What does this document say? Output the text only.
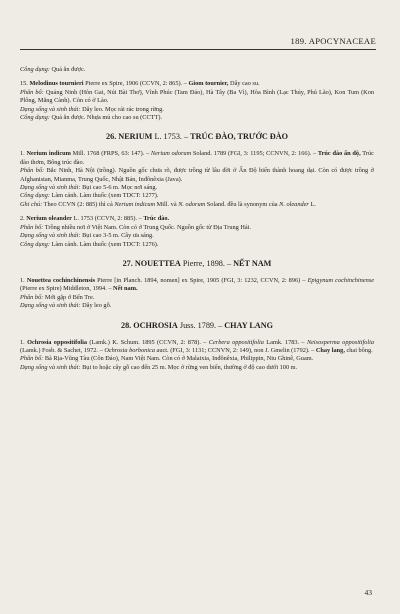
189. APOCYNACEAE

Công dụng: Quả ăn được.

15. Melodinus tournieri Pierre ex Spire, 1906 (CCVN, 2: 865). – Giom tournier, Dây cao su.

Phân bố: Quảng Ninh (Hòn Gai, Núi Bài Thơ), Vĩnh Phúc (Tam Đảo), Hà Tây (Ba Vì), Hòa Bình (Lạc Thủy, Phú Lão), Kon Tum (Kon Plông, Măng Cành). Còn có ở Lào.

Dạng sống và sinh thái: Dây leo. Mọc rải rác trong rừng.

Công dụng: Quả ăn được. Nhựa mủ cho cao su (CCTT).

26. NERIUM L. 1753. – TRÚC ĐÀO, TRƯỚC ĐÀO

1. Nerium indicum Mill. 1768 (FRPS, 63: 147). – Nerium odorum Soland. 1789 (FGI, 3: 1195; CCNVN, 2: 166). – Trúc đào ấn độ, Trúc đào thơm, Bông trúc đào.

Phân bố: Bắc Ninh, Hà Nội (trồng). Nguồn gốc chưa rõ, được trồng từ lâu đời ở Ấn Độ biển thành hoang dại. Còn có được trồng ở Afghanistan, Mianma, Trung Quốc, Nhật Bản, Inđônêxia (Java).

Dạng sống và sinh thái: Bụi cao 5-6 m. Mọc nơi sáng.

Công dụng: Làm cảnh. Làm thuốc (xem TDCT: 1277).

Ghi chú: Theo CCVN (2: 885) thì cả Nerium indicum Mill. và N. odorum Soland. đều là synonym của N. oleander L.

2. Nerium oleander L. 1753 (CCVN, 2: 885). – Trúc đào.

Phân bố: Trồng nhiều nơi ở Việt Nam. Còn có ở Trung Quốc. Nguồn gốc từ Địa Trung Hải.

Dạng sống và sinh thái: Bụi cao 3-5 m. Cây ưa sáng.

Công dụng: Làm cảnh. Làm thuốc (xem TDCT: 1276).

27. NOUETTEA Pierre, 1898. – NẾT NAM

1. Nouettea cochinchinensis Pierre [in Planch. 1894, nomen] ex Spire, 1905 (FGI, 3: 1232, CCVN, 2: 896) – Epigynum cochinchinense (Pierre ex Spire) Middleton, 1994. – Nết nam.

Phân bố: Mới gặp ở Bến Tre.

Dạng sống và sinh thái: Dây leo gỗ.

28. OCHROSIA Juss. 1789. – CHAY LANG

1. Ochrosia oppositifolia (Lamk.) K. Schum. 1895 (CCVN, 2: 878). – Cerbera oppositifolia Lamk. 1783. – Neisosperma oppositifolia (Lamk.) Fosb. & Sachet, 1972. – Ochrosia borbonica auct. (FGI, 3: 1131; CCNVN, 2: 149), non J. Gmelin (1792). – Chay lang, chai bông.

Phân bố: Bà Rịa-Vũng Tàu (Côn Đảo), Nam Việt Nam. Còn có ở Malaixia, Inđônêxia, Philippin, Niu Ghinê, Guam.

Dạng sống và sinh thái: Bụi to hoặc cây gỗ cao đến 25 m. Mọc ở rừng ven biển, thường ở độ cao dưới 100 m.

43
